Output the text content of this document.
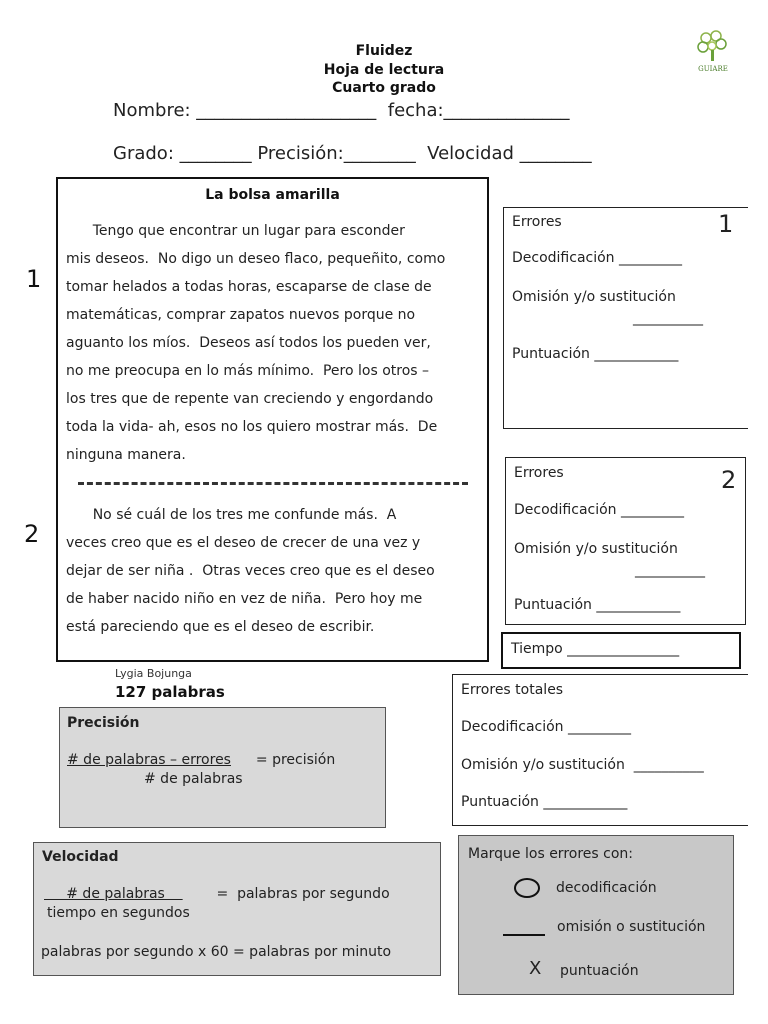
Fluidez
Hoja de lectura
Cuarto grado
Nombre: ____________________  fecha:______________
Grado: ________ Precisión:________  Velocidad ________
GUIARE
1
2
La bolsa amarilla
Tengo que encontrar un lugar para esconder
mis deseos.  No digo un deseo flaco, pequeñito, como
tomar helados a todas horas, escaparse de clase de
matemáticas, comprar zapatos nuevos porque no
aguanto los míos.  Deseos así todos los pueden ver,
no me preocupa en lo más mínimo.  Pero los otros –
los tres que de repente van creciendo y engordando
toda la vida- ah, esos no los quiero mostrar más.  De
ninguna manera.
No sé cuál de los tres me confunde más.  A
veces creo que es el deseo de crecer de una vez y
dejar de ser niña .  Otras veces creo que es el deseo
de haber nacido niño en vez de niña.  Pero hoy me
está pareciendo que es el deseo de escribir.
Lygia Bojunga
127 palabras
Errores	1
Decodificación _________
Omisión y/o sustitución
__________
Puntuación ____________
Errores	2
Decodificación _________
Omisión y/o sustitución
__________
Puntuación ____________
Tiempo ________________
Errores totales
Decodificación _________
Omisión y/o sustitución  __________
Puntuación ____________
Precisión
# de palabras – errores = precisión
# de palabras
Velocidad
# de palabras =  palabras por segundo
tiempo en segundos
palabras por segundo x 60 = palabras por minuto
Marque los errores con:
decodificación
omisión o sustitución
X puntuación
